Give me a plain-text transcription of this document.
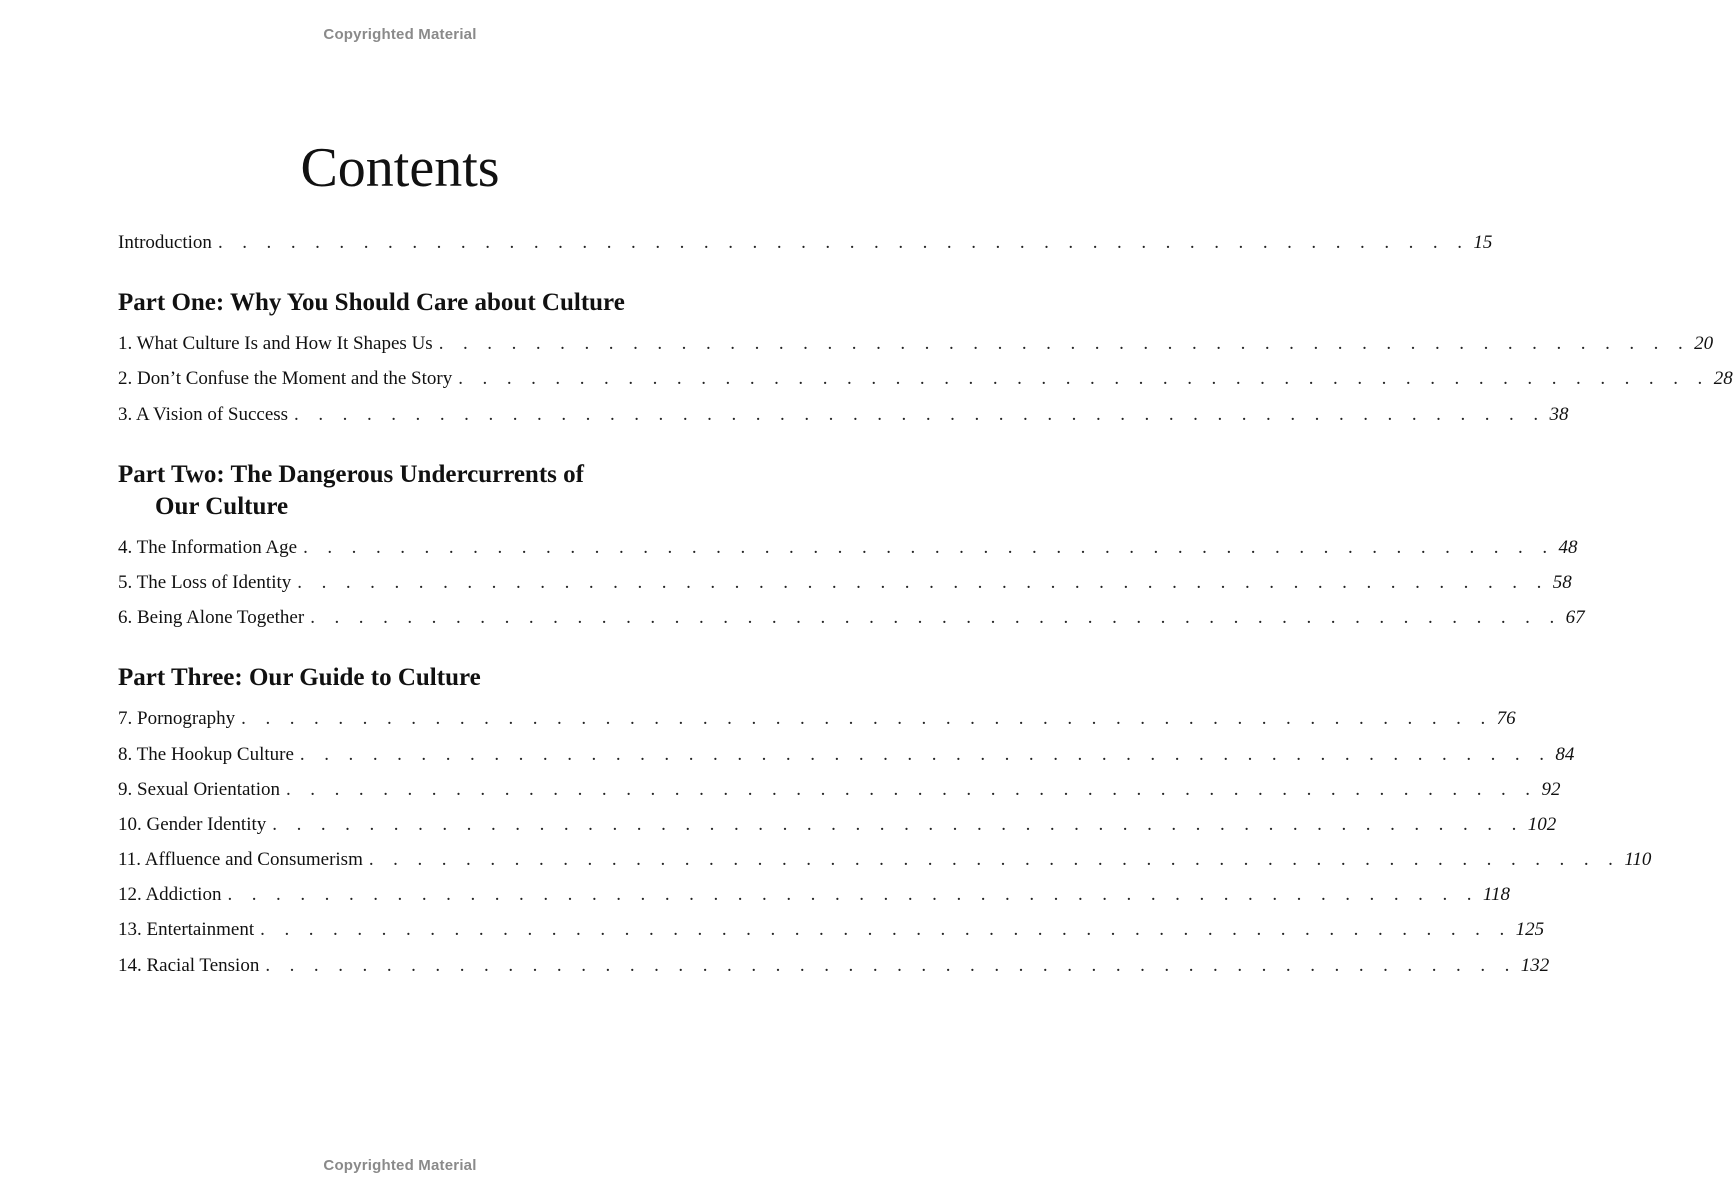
Copyrighted Material
Contents
Introduction . . . . . . . . . . . . . . . . . . . . . . . . . . . . . . . . . . . . . . . . . . . . . . . . . . . . 15
Part One: Why You Should Care about Culture
1. What Culture Is and How It Shapes Us . . . . . . . . . . . . . . . . . . . . . . . . . . . . . . . . . . . . . . . . . . . . . . . . . . . . 20
2. Don’t Confuse the Moment and the Story . . . . . . . . . . . . . . . . . . . . . . . . . . . . . . . . . . . . . . . . . . . . . . . . . . . . 28
3. A Vision of Success . . . . . . . . . . . . . . . . . . . . . . . . . . . . . . . . . . . . . . . . . . . . . . . . . . . . 38
Part Two: The Dangerous Undercurrents of
Our Culture
4. The Information Age . . . . . . . . . . . . . . . . . . . . . . . . . . . . . . . . . . . . . . . . . . . . . . . . . . . . 48
5. The Loss of Identity . . . . . . . . . . . . . . . . . . . . . . . . . . . . . . . . . . . . . . . . . . . . . . . . . . . . 58
6. Being Alone Together . . . . . . . . . . . . . . . . . . . . . . . . . . . . . . . . . . . . . . . . . . . . . . . . . . . . 67
Part Three: Our Guide to Culture
7. Pornography . . . . . . . . . . . . . . . . . . . . . . . . . . . . . . . . . . . . . . . . . . . . . . . . . . . . 76
8. The Hookup Culture . . . . . . . . . . . . . . . . . . . . . . . . . . . . . . . . . . . . . . . . . . . . . . . . . . . . 84
9. Sexual Orientation . . . . . . . . . . . . . . . . . . . . . . . . . . . . . . . . . . . . . . . . . . . . . . . . . . . . 92
10. Gender Identity . . . . . . . . . . . . . . . . . . . . . . . . . . . . . . . . . . . . . . . . . . . . . . . . . . . . 102
11. Affluence and Consumerism . . . . . . . . . . . . . . . . . . . . . . . . . . . . . . . . . . . . . . . . . . . . . . . . . . . . 110
12. Addiction . . . . . . . . . . . . . . . . . . . . . . . . . . . . . . . . . . . . . . . . . . . . . . . . . . . . 118
13. Entertainment . . . . . . . . . . . . . . . . . . . . . . . . . . . . . . . . . . . . . . . . . . . . . . . . . . . . 125
14. Racial Tension . . . . . . . . . . . . . . . . . . . . . . . . . . . . . . . . . . . . . . . . . . . . . . . . . . . . 132
Copyrighted Material
